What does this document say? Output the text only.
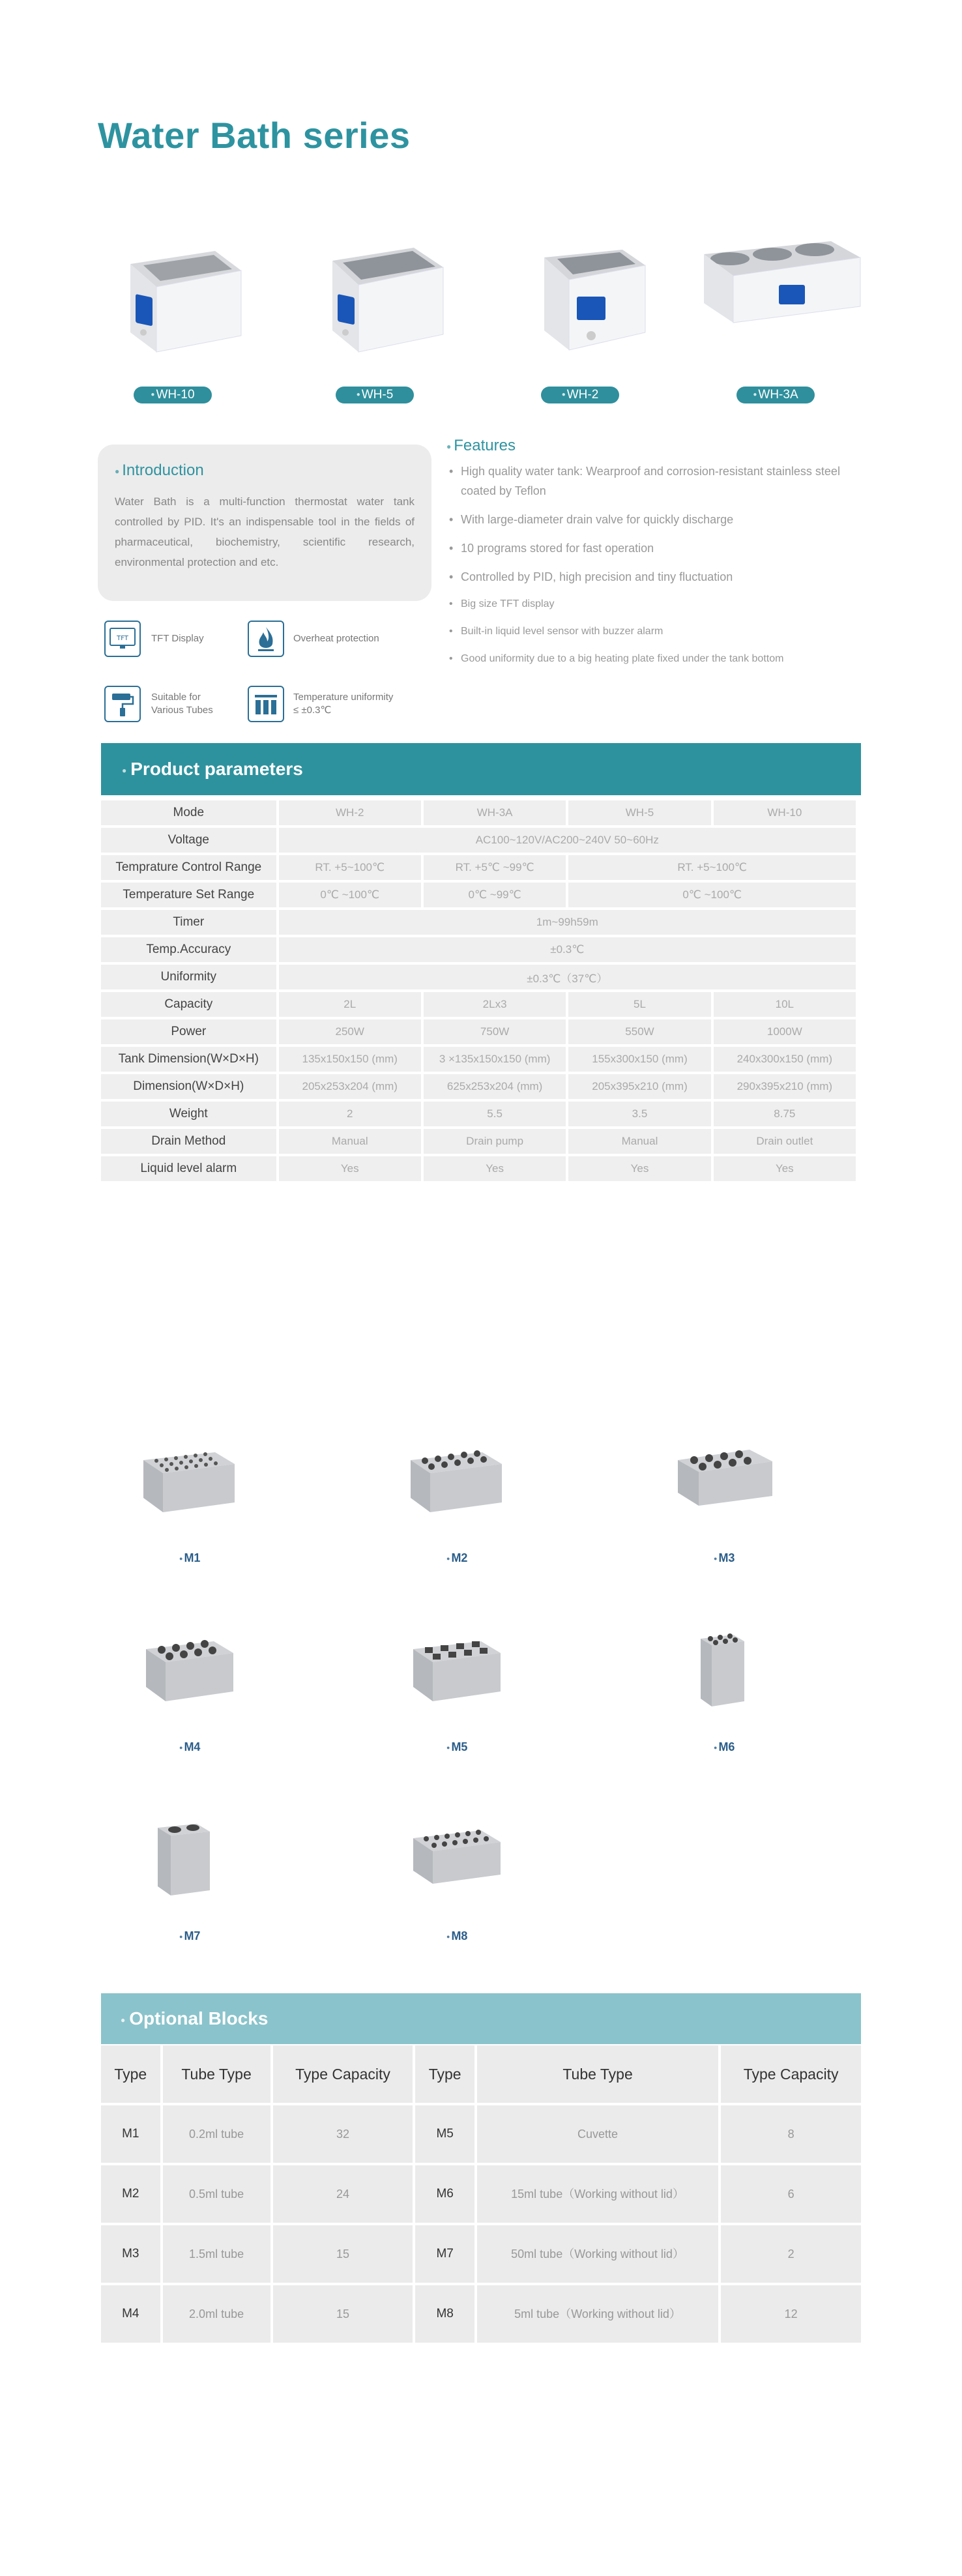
Water Bath series
● WH-10	● WH-5	● WH-2	● WH-3A
● Introduction
Water Bath is a multi-function thermostat water tank controlled by PID. It's an indispensable tool in the fields of pharmaceutical, biochemistry, scientific research, environmental protection and etc.
TFT TFT Display	Overheat protection
Suitable for
Various Tubes
Temperature uniformity
≤ ±0.3℃
● Features
• High quality water tank: Wearproof and corrosion-resistant stainless steel coated by Teflon
• With large-diameter drain valve for quickly discharge
• 10 programs stored for fast operation
• Controlled by PID, high precision and tiny fluctuation
• Big size TFT display
• Built-in liquid level sensor with buzzer alarm
• Good uniformity due to a big heating plate fixed under the tank bottom
● Product parameters
Mode	WH-2	WH-3A	WH-5	WH-10
Voltage	AC100~120V/AC200~240V 50~60Hz			
Temprature Control Range	RT. +5~100℃	RT. +5℃ ~99℃	RT. +5~100℃	
Temperature Set Range	0℃ ~100℃	0℃ ~99℃	0℃ ~100℃	
Timer	1m~99h59m			
Temp.Accuracy	±0.3℃			
Uniformity	±0.3℃（37℃）			
Capacity	2L	2Lx3	5L	10L
Power	250W	750W	550W	1000W
Tank Dimension(W×D×H)	135x150x150 (mm)	3 ×135x150x150 (mm)	155x300x150 (mm)	240x300x150 (mm)
Dimension(W×D×H)	205x253x204 (mm)	625x253x204 (mm)	205x395x210 (mm)	290x395x210 (mm)
Weight	2	5.5	3.5	8.75
Drain Method	Manual	Drain pump	Manual	Drain outlet
Liquid level alarm	Yes	Yes	Yes	Yes
● M1	● M2	● M3
● M4	● M5	● M6
● M7	● M8
● Optional Blocks
Type	Tube Type	Type Capacity	Type	Tube Type	Type Capacity
M1	0.2ml tube	32	M5	Cuvette	8
M2	0.5ml tube	24	M6	15ml tube（Working without lid）	6
M3	1.5ml tube	15	M7	50ml tube（Working without lid）	2
M4	2.0ml tube	15	M8	5ml tube（Working without lid）	12
